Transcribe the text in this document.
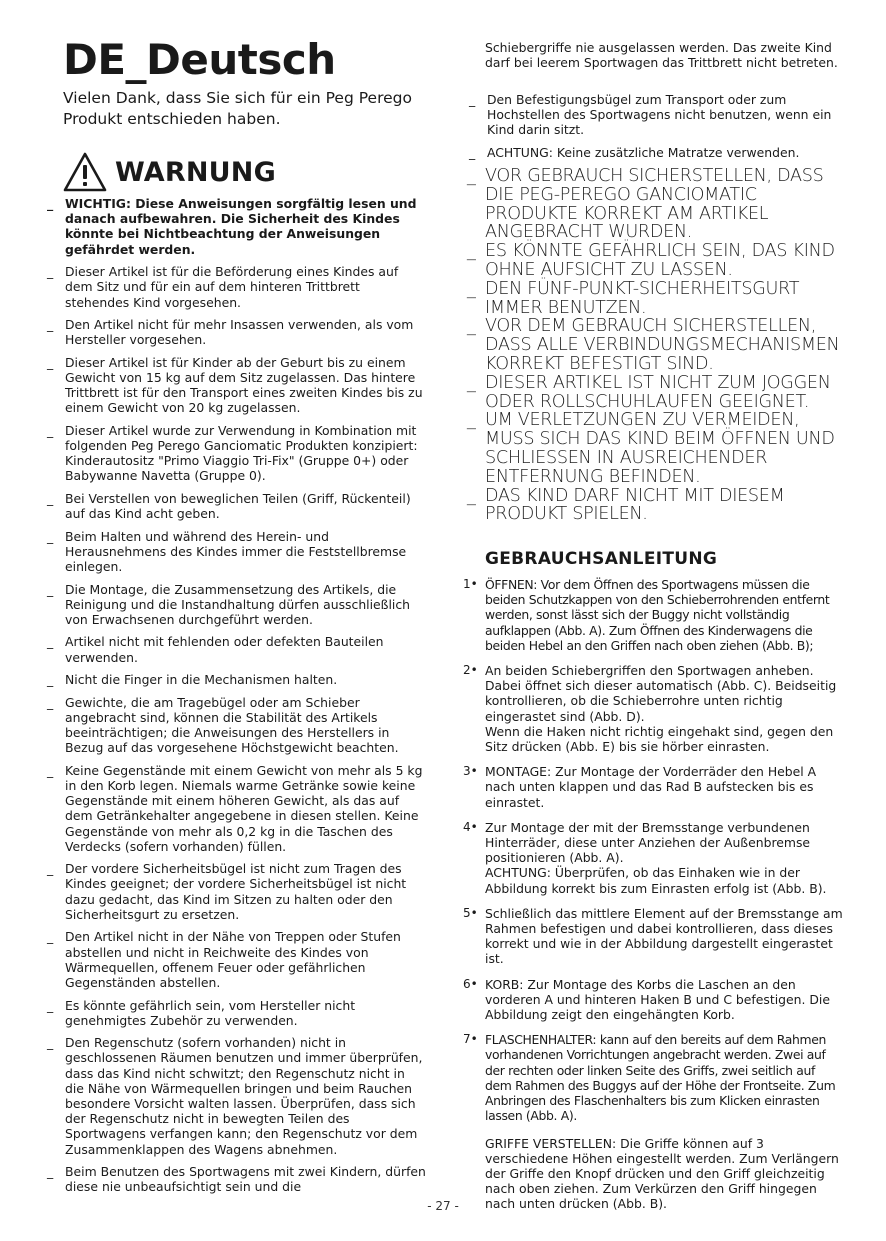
DE_Deutsch

Vielen Dank, dass Sie sich für ein Peg Perego Produkt entschieden haben.

WARNUNG
_ WICHTIG: Diese Anweisungen sorgfältig lesen und danach aufbewahren. Die Sicherheit des Kindes könnte bei Nichtbeachtung der Anweisungen gefährdet werden.
_ Dieser Artikel ist für die Beförderung eines Kindes auf dem Sitz und für ein auf dem hinteren Trittbrett stehendes Kind vorgesehen.
_ Den Artikel nicht für mehr Insassen verwenden, als vom Hersteller vorgesehen.
_ Dieser Artikel ist für Kinder ab der Geburt bis zu einem Gewicht von 15 kg auf dem Sitz zugelassen. Das hintere Trittbrett ist für den Transport eines zweiten Kindes bis zu einem Gewicht von 20 kg zugelassen.
_ Dieser Artikel wurde zur Verwendung in Kombination mit folgenden Peg Perego Ganciomatic Produkten konzipiert: Kinderautositz "Primo Viaggio Tri-Fix" (Gruppe 0+) oder Babywanne Navetta (Gruppe 0).
_ Bei Verstellen von beweglichen Teilen (Griff, Rückenteil) auf das Kind acht geben.
_ Beim Halten und während des Herein- und Herausnehmens des Kindes immer die Feststellbremse einlegen.
_ Die Montage, die Zusammensetzung des Artikels, die Reinigung und die Instandhaltung dürfen ausschließlich von Erwachsenen durchgeführt werden.
_ Artikel nicht mit fehlenden oder defekten Bauteilen verwenden.
_ Nicht die Finger in die Mechanismen halten.
_ Gewichte, die am Tragebügel oder am Schieber angebracht sind, können die Stabilität des Artikels beeinträchtigen; die Anweisungen des Herstellers in Bezug auf das vorgesehene Höchstgewicht beachten.
_ Keine Gegenstände mit einem Gewicht von mehr als 5 kg in den Korb legen. Niemals warme Getränke sowie keine Gegenstände mit einem höheren Gewicht, als das auf dem Getränkehalter angegebene in diesen stellen. Keine Gegenstände von mehr als 0,2 kg in die Taschen des Verdecks (sofern vorhanden) füllen.
_ Der vordere Sicherheitsbügel ist nicht zum Tragen des Kindes geeignet; der vordere Sicherheitsbügel ist nicht dazu gedacht, das Kind im Sitzen zu halten oder den Sicherheitsgurt zu ersetzen.
_ Den Artikel nicht in der Nähe von Treppen oder Stufen abstellen und nicht in Reichweite des Kindes von Wärmequellen, offenem Feuer oder gefährlichen Gegenständen abstellen.
_ Es könnte gefährlich sein, vom Hersteller nicht genehmigtes Zubehör zu verwenden.
_ Den Regenschutz (sofern vorhanden) nicht in geschlossenen Räumen benutzen und immer überprüfen, dass das Kind nicht schwitzt; den Regenschutz nicht in die Nähe von Wärmequellen bringen und beim Rauchen besondere Vorsicht walten lassen. Überprüfen, dass sich der Regenschutz nicht in bewegten Teilen des Sportwagens verfangen kann; den Regenschutz vor dem Zusammenklappen des Wagens abnehmen.
_ Beim Benutzen des Sportwagens mit zwei Kindern, dürfen diese nie unbeaufsichtigt sein und die
Schiebergriffe nie ausgelassen werden. Das zweite Kind darf bei leerem Sportwagen das Trittbrett nicht betreten.
_ Den Befestigungsbügel zum Transport oder zum Hochstellen des Sportwagens nicht benutzen, wenn ein Kind darin sitzt.
_ ACHTUNG: Keine zusätzliche Matratze verwenden.
_ VOR GEBRAUCH SICHERSTELLEN, DASS DIE PEG-PEREGO GANCIOMATIC PRODUKTE KORREKT AM ARTIKEL ANGEBRACHT WURDEN.
_ ES KÖNNTE GEFÄHRLICH SEIN, DAS KIND OHNE AUFSICHT ZU LASSEN.
_ DEN FÜNF-PUNKT-SICHERHEITSGURT IMMER BENUTZEN.
_ VOR DEM GEBRAUCH SICHERSTELLEN, DASS ALLE VERBINDUNGSMECHANISMEN KORREKT BEFESTIGT SIND.
_ DIESER ARTIKEL IST NICHT ZUM JOGGEN ODER ROLLSCHUHLAUFEN GEEIGNET.
_ UM VERLETZUNGEN ZU VERMEIDEN, MUSS SICH DAS KIND BEIM ÖFFNEN UND SCHLIESSEN IN AUSREICHENDER ENTFERNUNG BEFINDEN.
_ DAS KIND DARF NICHT MIT DIESEM PRODUKT SPIELEN.
GEBRAUCHSANLEITUNG
1• ÖFFNEN: Vor dem Öffnen des Sportwagens müssen die beiden Schutzkappen von den Schieberrohrenden entfernt werden, sonst lässt sich der Buggy nicht vollständig aufklappen (Abb. A). Zum Öffnen des Kinderwagens die beiden Hebel an den Griffen nach oben ziehen (Abb. B);
2• An beiden Schiebergriffen den Sportwagen anheben. Dabei öffnet sich dieser automatisch (Abb. C). Beidseitig kontrollieren, ob die Schieberrohre unten richtig eingerastet sind (Abb. D).
Wenn die Haken nicht richtig eingehakt sind, gegen den Sitz drücken (Abb. E) bis sie hörber einrasten.
3• MONTAGE: Zur Montage der Vorderräder den Hebel A nach unten klappen und das Rad B aufstecken bis es einrastet.
4• Zur Montage der mit der Bremsstange verbundenen Hinterräder, diese unter Anziehen der Außenbremse positionieren (Abb. A).
ACHTUNG: Überprüfen, ob das Einhaken wie in der Abbildung korrekt bis zum Einrasten erfolg ist (Abb. B).
5• Schließlich das mittlere Element auf der Bremsstange am Rahmen befestigen und dabei kontrollieren, dass dieses korrekt und wie in der Abbildung dargestellt eingerastet ist.
6• KORB: Zur Montage des Korbs die Laschen an den vorderen A und hinteren Haken B und C befestigen. Die Abbildung zeigt den eingehängten Korb.
7• FLASCHENHALTER: kann auf den bereits auf dem Rahmen vorhandenen Vorrichtungen angebracht werden. Zwei auf der rechten oder linken Seite des Griffs, zwei seitlich auf dem Rahmen des Buggys auf der Höhe der Frontseite. Zum Anbringen des Flaschenhalters bis zum Klicken einrasten lassen (Abb. A).
GRIFFE VERSTELLEN: Die Griffe können auf 3 verschiedene Höhen eingestellt werden. Zum Verlängern der Griffe den Knopf drücken und den Griff gleichzeitig nach oben ziehen. Zum Verkürzen den Griff hingegen nach unten drücken (Abb. B).
- 27 -
